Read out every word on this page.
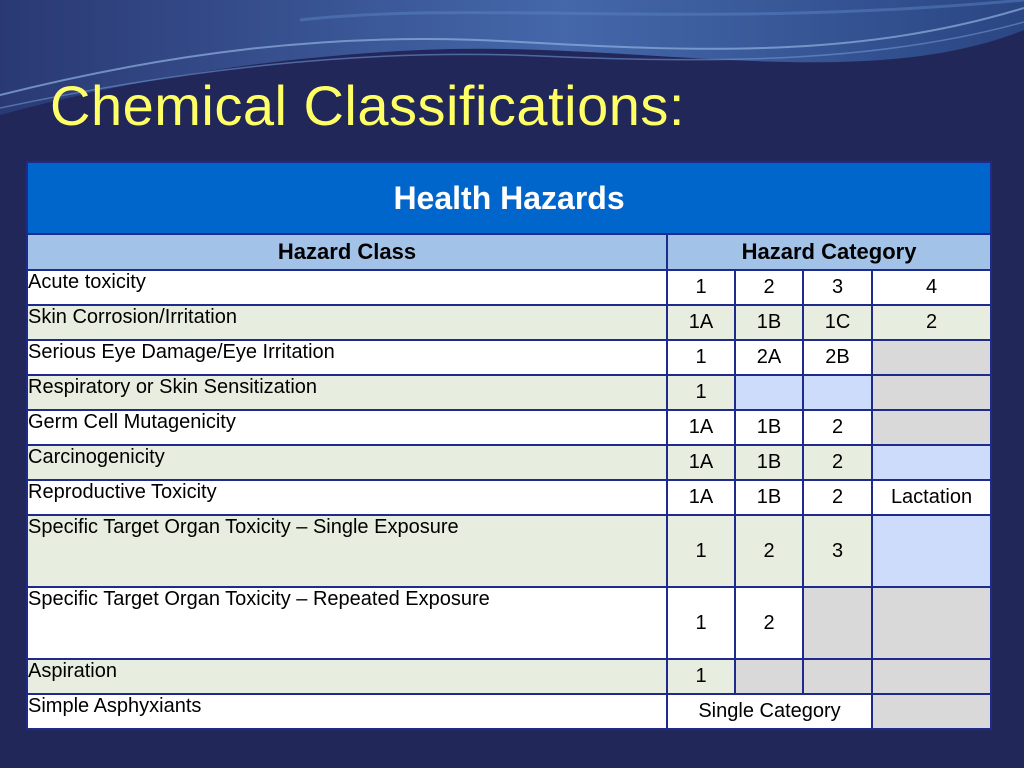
Chemical Classifications:
Health Hazards				
Hazard Class	Hazard Category			
Acute toxicity	1	2	3	4
Skin Corrosion/Irritation	1A	1B	1C	2
Serious Eye Damage/Eye Irritation	1	2A	2B	
Respiratory or Skin Sensitization	1			
Germ Cell Mutagenicity	1A	1B	2	
Carcinogenicity	1A	1B	2	
Reproductive Toxicity	1A	1B	2	Lactation
Specific Target Organ Toxicity – Single Exposure	1	2	3	
Specific Target Organ Toxicity – Repeated Exposure	1	2		
Aspiration	1			
Simple Asphyxiants	Single Category			
